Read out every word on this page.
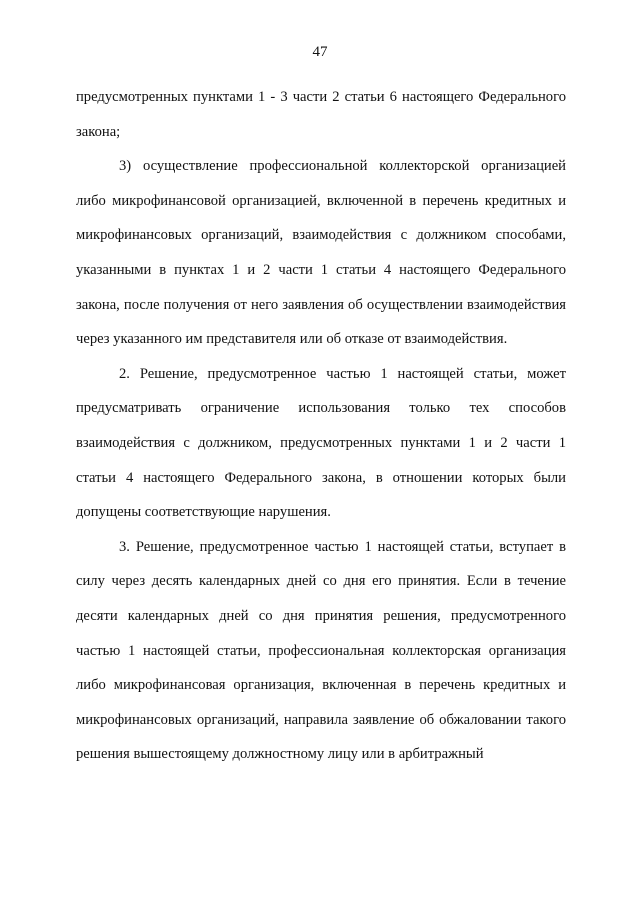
47

предусмотренных пунктами 1 - 3 части 2 статьи 6 настоящего Федерального закона;

3) осуществление профессиональной коллекторской организацией либо микрофинансовой организацией, включенной в перечень кредитных и микрофинансовых организаций, взаимодействия с должником способами, указанными в пунктах 1 и 2 части 1 статьи 4 настоящего Федерального закона, после получения от него заявления об осуществлении взаимодействия через указанного им представителя или об отказе от взаимодействия.

2. Решение, предусмотренное частью 1 настоящей статьи, может предусматривать ограничение использования только тех способов взаимодействия с должником, предусмотренных пунктами 1 и 2 части 1 статьи 4 настоящего Федерального закона, в отношении которых были допущены соответствующие нарушения.

3. Решение, предусмотренное частью 1 настоящей статьи, вступает в силу через десять календарных дней со дня его принятия. Если в течение десяти календарных дней со дня принятия решения, предусмотренного частью 1 настоящей статьи, профессиональная коллекторская организация либо микрофинансовая организация, включенная в перечень кредитных и микрофинансовых организаций, направила заявление об обжаловании такого решения вышестоящему должностному лицу или в арбитражный
